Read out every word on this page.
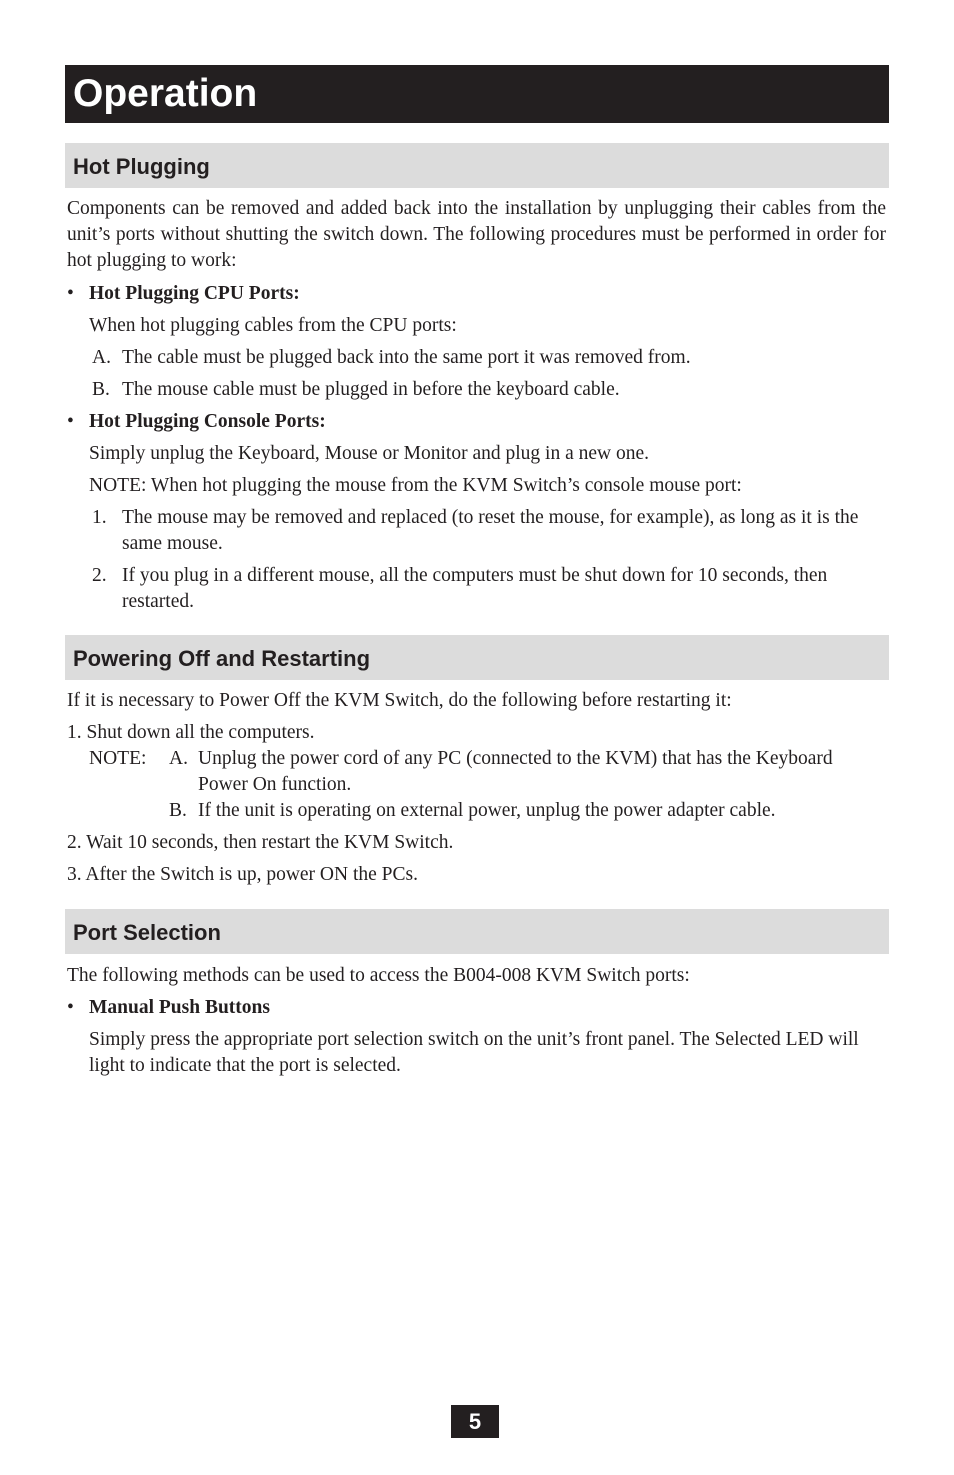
Operation
Hot Plugging

Components can be removed and added back into the installation by unplugging their cables from the unit’s ports without shutting the switch down. The following procedures must be performed in order for hot plugging to work:

• Hot Plugging CPU Ports:

When hot plugging cables from the CPU ports:

A. The cable must be plugged back into the same port it was removed from.

B. The mouse cable must be plugged in before the keyboard cable.

• Hot Plugging Console Ports:

Simply unplug the Keyboard, Mouse or Monitor and plug in a new one.

NOTE: When hot plugging the mouse from the KVM Switch’s console mouse port:

1. The mouse may be removed and replaced (to reset the mouse, for example), as long as it is the same mouse.

2. If you plug in a different mouse, all the computers must be shut down for 10 seconds, then restarted.

Powering Off and Restarting

If it is necessary to Power Off the KVM Switch, do the following before restarting it:

1. Shut down all the computers.

NOTE: A. Unplug the power cord of any PC (connected to the KVM) that has the Keyboard Power On function.

B. If the unit is operating on external power, unplug the power adapter cable.

2. Wait 10 seconds, then restart the KVM Switch.

3. After the Switch is up, power ON the PCs.

Port Selection

The following methods can be used to access the B004-008 KVM Switch ports:

• Manual Push Buttons

Simply press the appropriate port selection switch on the unit’s front panel. The Selected LED will light to indicate that the port is selected.

5
